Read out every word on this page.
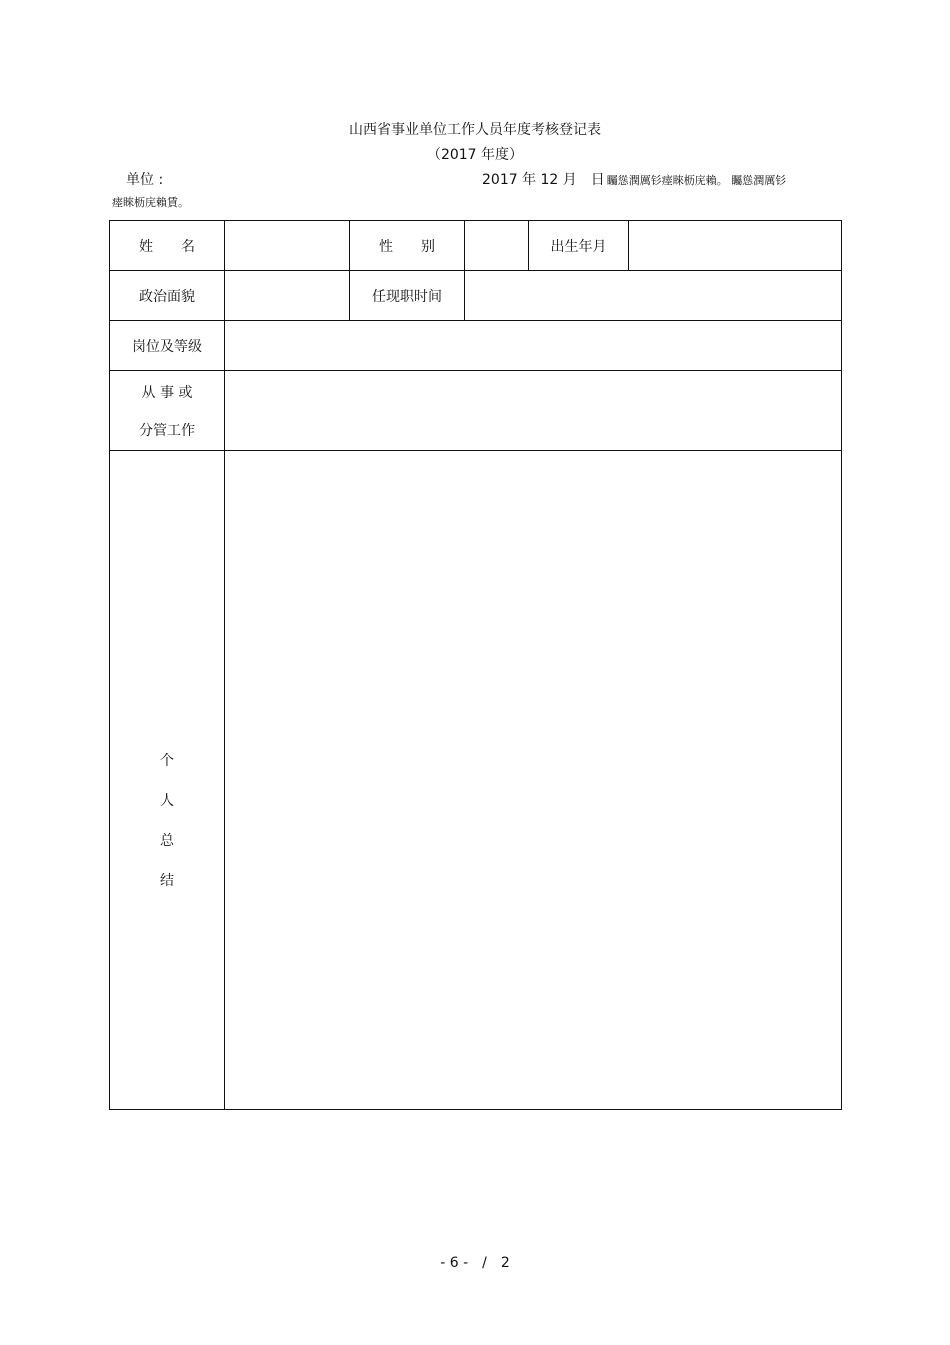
山西省事业单位工作人员年度考核登记表
（2017 年度）
单位 :	2017 年 12 月　日 矚慫潤厲钐瘗睞枥庑賴。 矚慫潤厲钐
瘗睞枥庑賴賃。
姓　　名		性　　别		出生年月	
政治面貌		任现职时间			
岗位及等级					

从 事 或
分管工作					

个
人
总
结					

- 6 -　/　2
